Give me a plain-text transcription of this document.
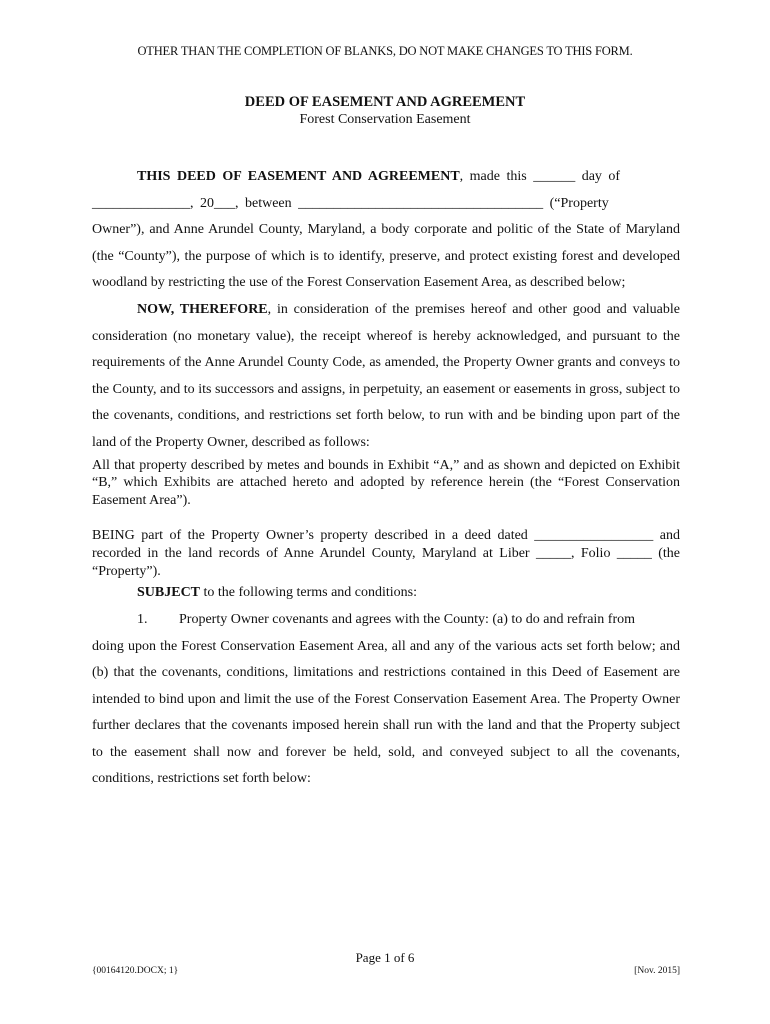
OTHER THAN THE COMPLETION OF BLANKS, DO NOT MAKE CHANGES TO THIS FORM.
DEED OF EASEMENT AND AGREEMENT
Forest Conservation Easement

THIS DEED OF EASEMENT AND AGREEMENT, made this ______ day of

______________, 20___, between ___________________________________ (“Property

Owner”), and Anne Arundel County, Maryland, a body corporate and politic of the State of Maryland (the “County”), the purpose of which is to identify, preserve, and protect existing forest and developed woodland by restricting the use of the Forest Conservation Easement Area, as described below;

NOW, THEREFORE, in consideration of the premises hereof and other good and valuable consideration (no monetary value), the receipt whereof is hereby acknowledged, and pursuant to the requirements of the Anne Arundel County Code, as amended, the Property Owner grants and conveys to the County, and to its successors and assigns, in perpetuity, an easement or easements in gross, subject to the covenants, conditions, and restrictions set forth below, to run with and be binding upon part of the land of the Property Owner, described as follows:

All that property described by metes and bounds in Exhibit “A,” and as shown and depicted on Exhibit “B,” which Exhibits are attached hereto and adopted by reference herein (the “Forest Conservation Easement Area”).

BEING part of the Property Owner’s property described in a deed dated _________________ and recorded in the land records of Anne Arundel County, Maryland at Liber _____, Folio _____ (the “Property”).

SUBJECT to the following terms and conditions:

1. Property Owner covenants and agrees with the County: (a) to do and refrain from

doing upon the Forest Conservation Easement Area, all and any of the various acts set forth below; and (b) that the covenants, conditions, limitations and restrictions contained in this Deed of Easement are intended to bind upon and limit the use of the Forest Conservation Easement Area. The Property Owner further declares that the covenants imposed herein shall run with the land and that the Property subject to the easement shall now and forever be held, sold, and conveyed subject to all the covenants, conditions, restrictions set forth below:

Page 1 of 6
{00164120.DOCX; 1}	[Nov. 2015]
